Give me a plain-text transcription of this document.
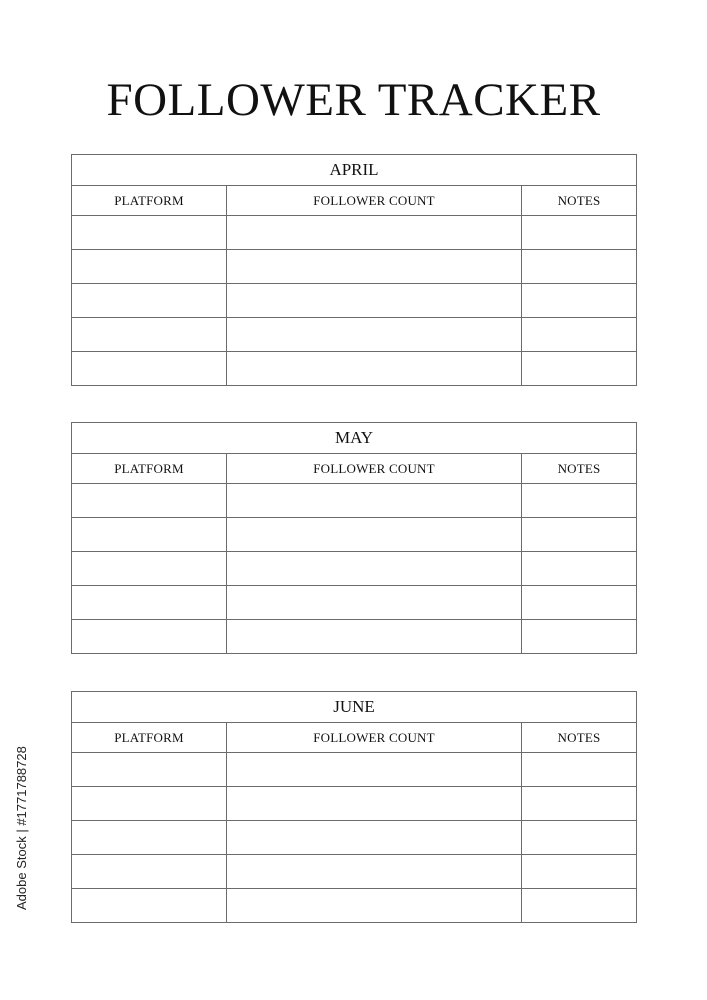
FOLLOWER TRACKER
APRIL		
PLATFORM	FOLLOWER COUNT	NOTES

MAY		
PLATFORM	FOLLOWER COUNT	NOTES

JUNE		
PLATFORM	FOLLOWER COUNT	NOTES

Adobe Stock | #1771788728
